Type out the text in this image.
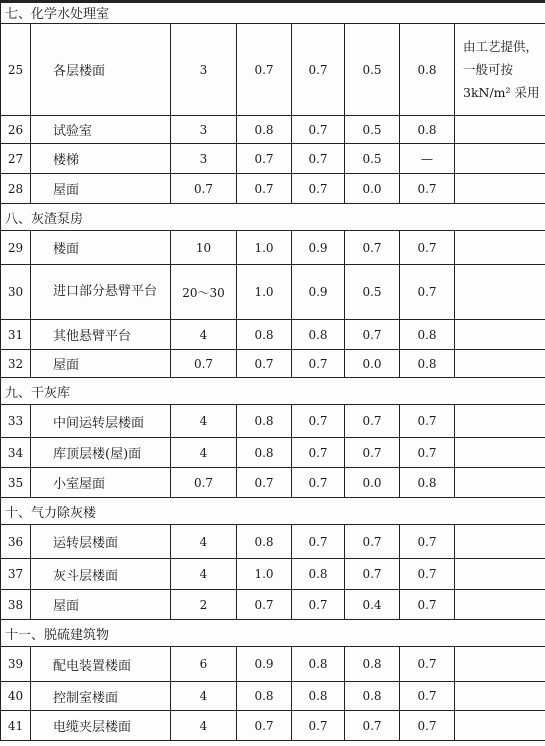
七、化学水处理室							
25	各层楼面	3	0.7	0.7	0.5	0.8	由工艺提供，一般可按 3kN/m² 采用
26	试验室	3	0.8	0.7	0.5	0.8	
27	楼梯	3	0.7	0.7	0.5	—	
28	屋面	0.7	0.7	0.7	0.0	0.7	
八、灰渣泵房							
29	楼面	10	1.0	0.9	0.7	0.7	
30	进口部分悬臂平台	20～30	1.0	0.9	0.5	0.7	
31	其他悬臂平台	4	0.8	0.8	0.7	0.8	
32	屋面	0.7	0.7	0.7	0.0	0.8	
九、干灰库							
33	中间运转层楼面	4	0.8	0.7	0.7	0.7	
34	库顶层楼(屋)面	4	0.8	0.7	0.7	0.7	
35	小室屋面	0.7	0.7	0.7	0.0	0.8	
十、气力除灰楼							
36	运转层楼面	4	0.8	0.7	0.7	0.7	
37	灰斗层楼面	4	1.0	0.8	0.7	0.7	
38	屋面	2	0.7	0.7	0.4	0.7	
十一、脱硫建筑物							
39	配电装置楼面	6	0.9	0.8	0.8	0.7	
40	控制室楼面	4	0.8	0.8	0.8	0.7	
41	电缆夹层楼面	4	0.7	0.7	0.7	0.7	
